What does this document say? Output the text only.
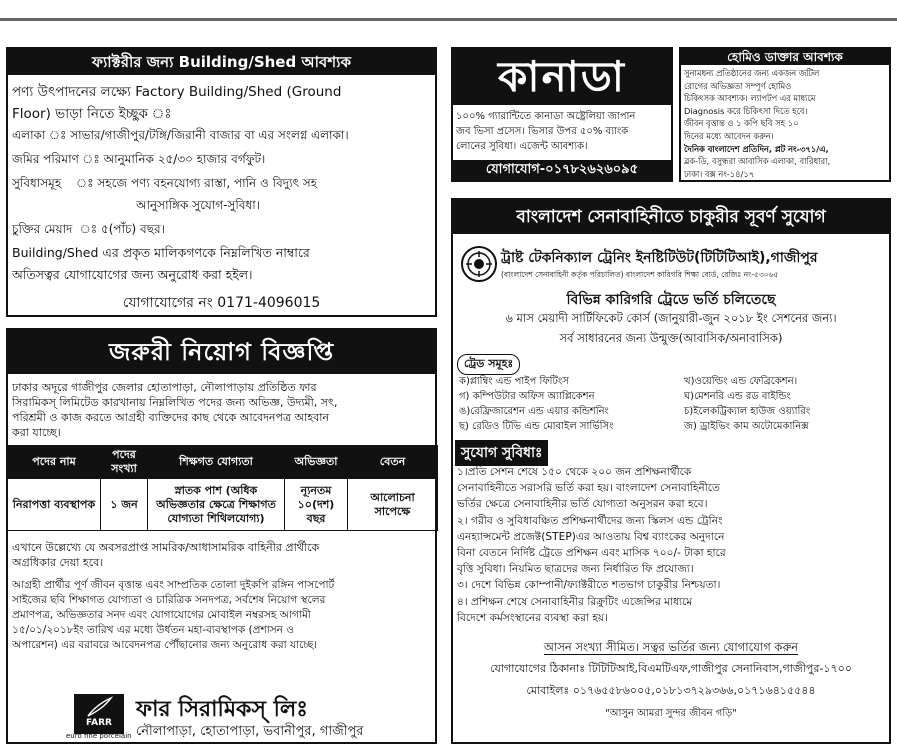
ফ্যাক্টরীর জন্য Building/Shed আবশ্যক
পণ্য উৎপাদনের লক্ষ্যে Factory Building/Shed (Ground
Floor) ভাড়া নিতে ইচ্ছুক ঃ
এলাকা ঃ সাভার/গাজীপুর/টঙ্গি/জিরানী বাজার বা এর সংলগ্ন এলাকা।
জমির পরিমাণ ঃ আনুমানিক ২৫/৩০ হাজার বর্গফুট।
সুবিধাসমূহ    ঃ সহজে পণ্য বহনযোগ্য রাস্তা, পানি ও বিদ্যুৎ সহ
আনুসাঙ্গিক সুযোগ-সুবিধা।
চুক্তির মেয়াদ  ঃ ৫(পাঁচ) বছর।
Building/Shed এর প্রকৃত মালিকগণকে নিম্নলিখিত নাম্বারে
অতিসত্বর যোগাযোগের জন্য অনুরোধ করা হইল।
যোগাযোগের নং 0171-4096015
জরুরী নিয়োগ বিজ্ঞপ্তি
ঢাকার অদূরে গাজীপুর জেলার হোতাপাড়া, নৌলাপাড়ায় প্রতিষ্ঠিত ফার
সিরামিকস্ লিমিটেড কারখানায় নিম্নলিখিত পদের জন্য অভিজ্ঞ, উদ্যমী, সৎ,
পরিশ্রমী ও কাজ করতে আগ্রহী ব্যক্তিদের কাছ থেকে আবেদনপত্র আহবান
করা যাচ্ছে।
পদের নাম	পদের সংখ্যা	শিক্ষগত যোগ্যতা	অভিজ্ঞতা	বেতন
নিরাপত্তা ব্যবস্থাপক	১ জন	স্নাতক পাশ (অধিক অভিজ্ঞতার ক্ষেত্রে শিক্ষাগত যোগ্যতা শিথিলযোগ্য)	ন্যূনতম ১০(দশ) বছর	আলোচনা সাপেক্ষে
এখানে উল্লেখ্যে যে অবসরপ্রাপ্ত সামরিক/আধাসামরিক বাহিনীর প্রার্থীকে
অগ্রধিকার দেয়া হবে।
আগ্রহী প্রার্থীর পূর্ণ জীবন বৃত্তান্ত এবং সাম্প্রতিক তোলা দুইকপি রঙ্গিন পাসপোর্ট
সাইজের ছবি শিক্ষাগত যোগ্যতা ও চারিত্রিক সনদপত্র, সর্বশেষ নিয়োগ স্থলের
প্রমাণপত্র, অভিজ্ঞতার সনদ এবং যোগাযোগের মোবাইল নম্বরসহ আগামী
১৫/০১/২০১৮ইং তারিখ এর মধ্যে উর্ধতন মহা-ব্যবস্থাপক (প্রশাসন ও
অপারেশন) এর বরাবরে আবেদনপত্র পৌঁছানোর জন্য অনুরোধ করা যাচ্ছে।
FARR
euro fine porcelain
ফার সিরামিকস্ লিঃ
নৌলাপাড়া, হোতাপাড়া, ভবানীপুর, গাজীপুর
কানাডা
১০০% গ্যারান্টিতে কানাডা অষ্ট্রেলিয়া জাপান
জব ভিসা প্রসেস। ভিসার উপর ৫০% ব্যাংক
লোনের সুবিধা। এজেন্ট আবশ্যক।
যোগাযোগ-০১৭৮২৬২৬০৯৫
হোমিও ডাক্তার আবশ্যক
সুনামধন্য প্রতিষ্ঠানের জন্য একজন জটিল
রোগের অভিজ্ঞতা সম্পূর্ণ হোমিও
চিকিৎসক আবশ্যক। ল্যাপটপ এর মাধ্যমে
Diagnosis করে চিকিৎসা দিতে হবে।
জীবন বৃত্তান্ত ও ১ কপি ছবি সহ ১০
দিনের মধ্যে আবেদন করুন।
দৈনিক বাংলাদেশ প্রতিদিন, প্লট নং-৩৭১/এ,
ব্লক-ডি, বসুন্ধরা আবাসিক এলাকা, বারিধারা,
ঢাকা। বক্স নং-১৪/১৭
বাংলাদেশ সেনাবাহিনীতে চাকুরীর সূবর্ণ সুযোগ
ট্রাষ্ট টেকনিক্যাল ট্রেনিং ইনষ্টিটিউট(টিটিটিআই),গাজীপুর
(বাংলাদেশ সেনাবাহিনী কর্তৃক পরিচালিত) বাংলাদেশ কারিগরি শিক্ষা বোর্ড, রেজিঃ নং-৫৩০৬৫
বিভিন্ন কারিগরি ট্রেডে ভর্তি চলিতেছে
৬ মাস মেয়াদী সার্টিফিকেট কোর্স (জানুয়ারী-জুন ২০১৮ ইং সেশনের জন্য।
সর্ব সাধারনের জন্য উন্মুক্ত(আবাসিক/অনাবাসিক)
ট্রেড সমূহঃ
ক)প্লাম্বিং এন্ড পাইপ ফিটিংস	খ)ওয়েল্ডিং এন্ড ফেব্রিকেশন।
গ) কম্পিউটার অফিস অ্যাপ্লিকেশন	ঘ)মেশনরি এন্ড রড বাইন্ডিং
ঙ)রেফ্রিজারেশন এন্ড এয়ার কন্ডিশনিং	চ)ইলেকট্রিক্যাল হাউজ ওয়্যারিং
ছ) রেডিও টিভি এন্ড মোবাইল সার্ভিসিং	জ) ড্রাইভিং কাম অটোমেকানিক্স
সুযোগ সুবিধাঃ
১।প্রতি সেশন শেষে ১৫০ থেকে ২০০ জন প্রশিক্ষনার্থীকে
সেনাবাহিনীতে সরাসরি ভর্তি করা হয়। বাংলাদেশ সেনাবাহিনীতে
ভর্তির ক্ষেত্রে সেনাবাহিনীর ভর্তি যোগ্যতা অনুসরন করা হবে।
২। গরীব ও সুবিধাবঞ্চিত প্রশিক্ষনার্থীদের জন্য স্কিলস এন্ড ট্রেনিং
এনহ্যান্সমেন্ট প্রজেক্ট(STEP)এর আওতায় বিশ্ব ব্যাংকের অনুদানে
বিনা বেতনে নির্দিষ্ট ট্রেডে প্রশিক্ষন এবং মাসিক ৭০০/- টাকা হারে
বৃত্তি সুবিধা। নিয়মিত ছাত্রদের জন্য নির্ধারিত ফি প্রযোজ্য।
৩। দেশে বিভিন্ন কোম্পানী/ফ্যাক্টরীতে শতভাগ চাকুরীর নিশ্চয়তা।
৪। প্রশিক্ষন শেষে সেনাবাহিনীর রিক্রুটিং এজেন্সির মাধ্যমে
বিদেশে কর্মসংস্থানের ব্যবস্থা করা হয়।
আসন সংখ্যা সীমিত। সত্বর ভর্তির জন্য যোগাযোগ করুন
যোগাযোগের ঠিকানাঃ টিটিটিআই,বিএমটিএফ,গাজীপুর সেনানিবাস,গাজীপুর-১৭০০
মোবাইলঃ ০১৭৬৫৫৮৬০০৫,০১৮১৩৭২৯৩৬৬,০১৭১৬৪১৫৫৪৪
"আসুন আমরা সুন্দর জীবন গড়ি"
